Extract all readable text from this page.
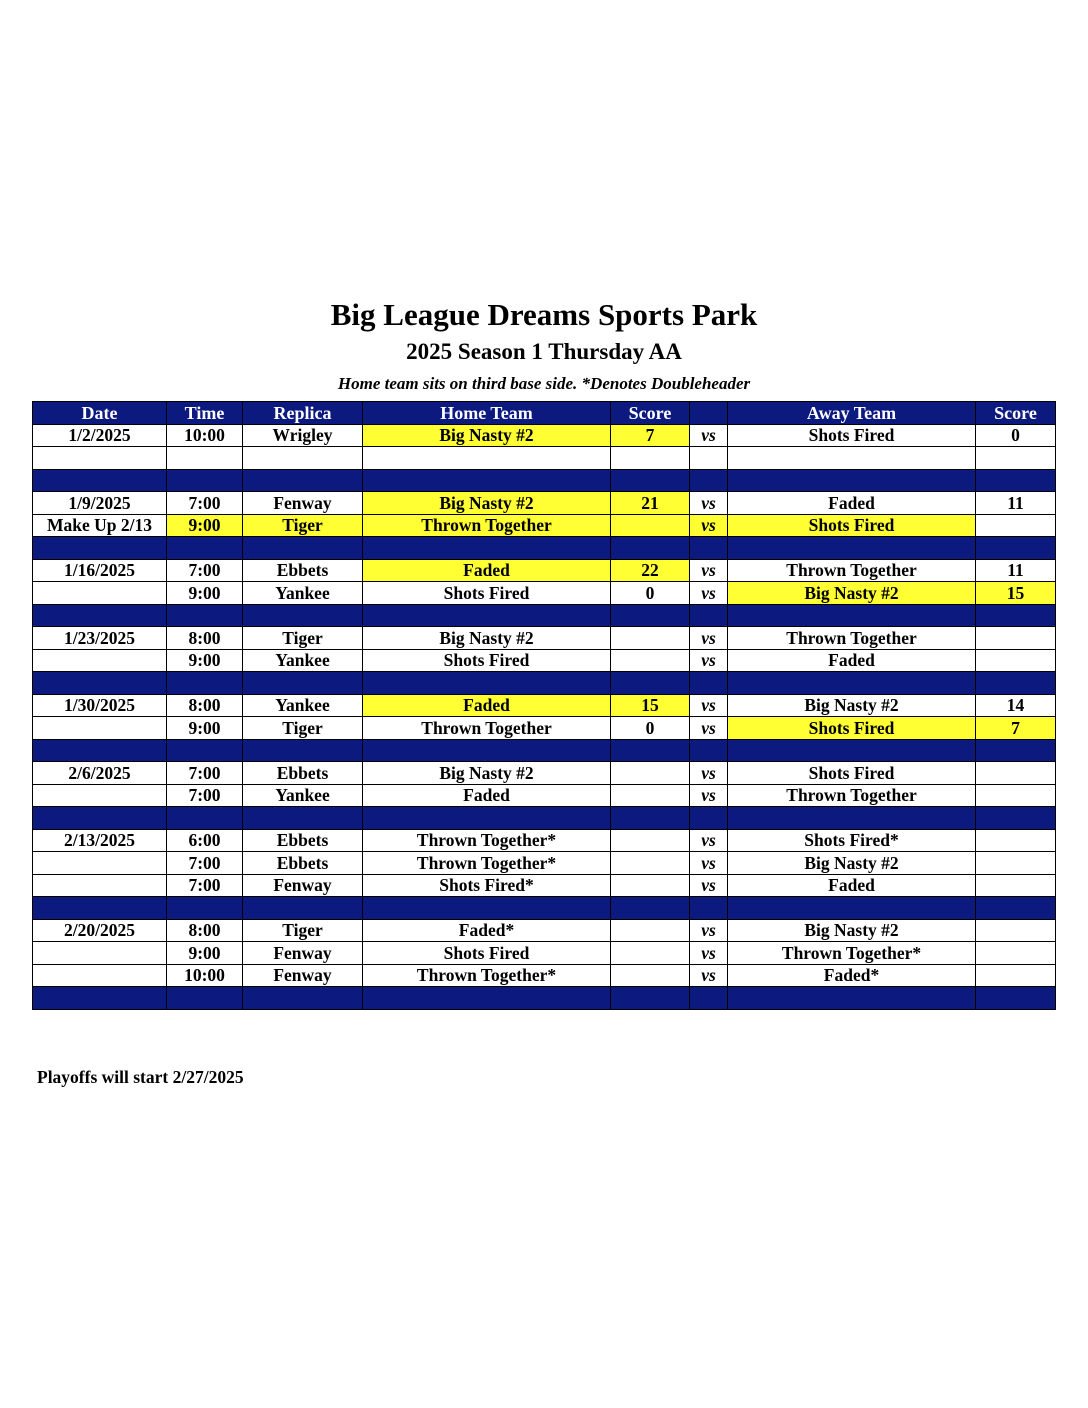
Big League Dreams Sports Park
2025 Season 1 Thursday AA
Home team sits on third base side. *Denotes Doubleheader
Date	Time	Replica	Home Team	Score		Away Team	Score
1/2/2025	10:00	Wrigley	Big Nasty #2	7	vs	Shots Fired	0

1/9/2025	7:00	Fenway	Big Nasty #2	21	vs	Faded	11
Make Up 2/13	9:00	Tiger	Thrown Together		vs	Shots Fired	

1/16/2025	7:00	Ebbets	Faded	22	vs	Thrown Together	11
	9:00	Yankee	Shots Fired	0	vs	Big Nasty #2	15

1/23/2025	8:00	Tiger	Big Nasty #2		vs	Thrown Together	
	9:00	Yankee	Shots Fired		vs	Faded	

1/30/2025	8:00	Yankee	Faded	15	vs	Big Nasty #2	14
	9:00	Tiger	Thrown Together	0	vs	Shots Fired	7

2/6/2025	7:00	Ebbets	Big Nasty #2		vs	Shots Fired	
	7:00	Yankee	Faded		vs	Thrown Together	

2/13/2025	6:00	Ebbets	Thrown Together*		vs	Shots Fired*	
	7:00	Ebbets	Thrown Together*		vs	Big Nasty #2	
	7:00	Fenway	Shots Fired*		vs	Faded	

2/20/2025	8:00	Tiger	Faded*		vs	Big Nasty #2	
	9:00	Fenway	Shots Fired		vs	Thrown Together*	
	10:00	Fenway	Thrown Together*		vs	Faded*	

Playoffs will start 2/27/2025
